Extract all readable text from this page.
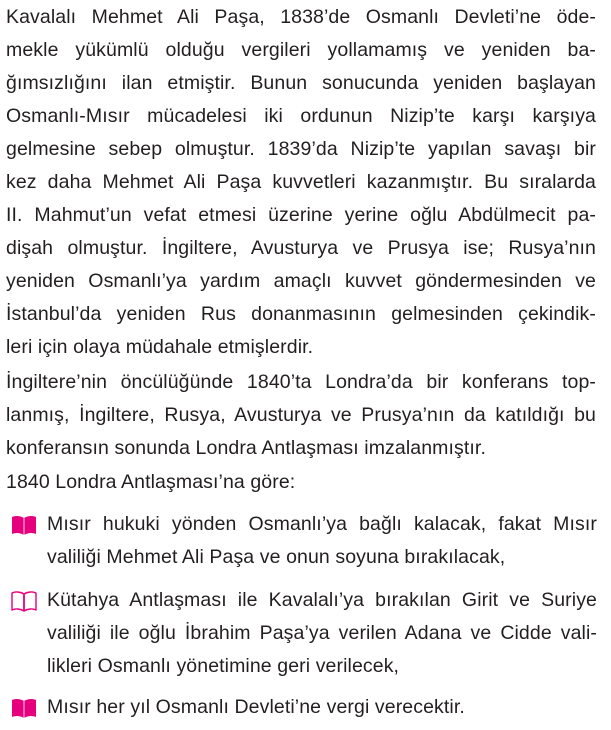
Kavalalı Mehmet Ali Paşa, 1838’de Osmanlı Devleti’ne öde-
mekle yükümlü olduğu vergileri yollamamış ve yeniden ba-
ğımsızlığını ilan etmiştir. Bunun sonucunda yeniden başlayan
Osmanlı-Mısır mücadelesi iki ordunun Nizip’te karşı karşıya
gelmesine sebep olmuştur. 1839’da Nizip’te yapılan savaşı bir
kez daha Mehmet Ali Paşa kuvvetleri kazanmıştır. Bu sıralarda
II. Mahmut’un vefat etmesi üzerine yerine oğlu Abdülmecit pa-
dişah olmuştur. İngiltere, Avusturya ve Prusya ise; Rusya’nın
yeniden Osmanlı’ya yardım amaçlı kuvvet göndermesinden ve
İstanbul’da yeniden Rus donanmasının gelmesinden çekindik-
leri için olaya müdahale etmişlerdir.
İngiltere’nin öncülüğünde 1840’ta Londra’da bir konferans top-
lanmış, İngiltere, Rusya, Avusturya ve Prusya’nın da katıldığı bu
konferansın sonunda Londra Antlaşması imzalanmıştır.
1840 Londra Antlaşması’na göre:
Mısır hukuki yönden Osmanlı’ya bağlı kalacak, fakat Mısır
valiliği Mehmet Ali Paşa ve onun soyuna bırakılacak,
Kütahya Antlaşması ile Kavalalı’ya bırakılan Girit ve Suriye
valiliği ile oğlu İbrahim Paşa’ya verilen Adana ve Cidde vali-
likleri Osmanlı yönetimine geri verilecek,
Mısır her yıl Osmanlı Devleti’ne vergi verecektir.
